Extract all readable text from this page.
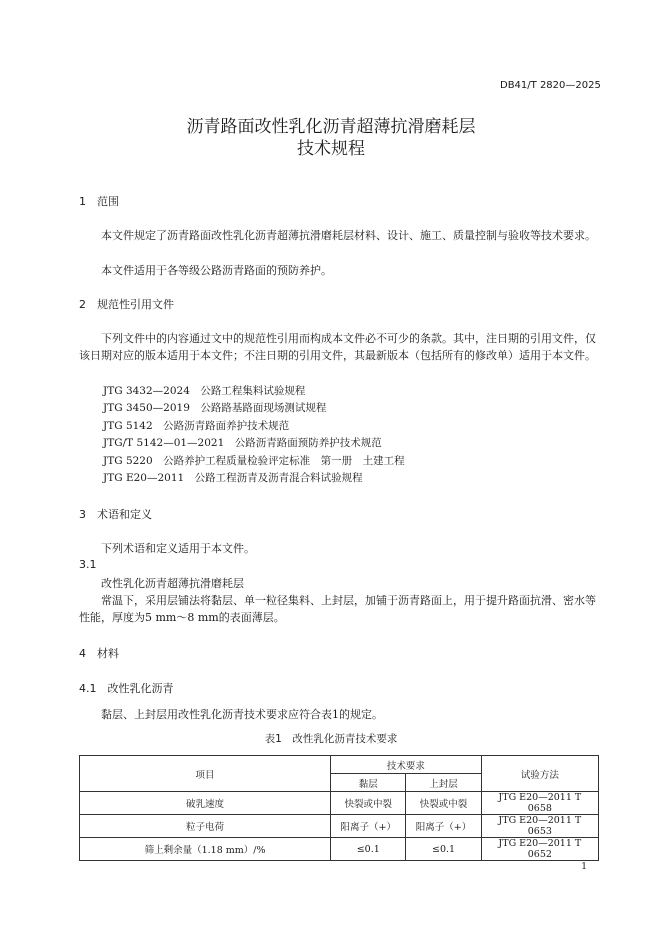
DB41/T 2820—2025
沥青路面改性乳化沥青超薄抗滑磨耗层
技术规程
1　范围
本文件规定了沥青路面改性乳化沥青超薄抗滑磨耗层材料、设计、施工、质量控制与验收等技术要求。
本文件适用于各等级公路沥青路面的预防养护。
2　规范性引用文件
下列文件中的内容通过文中的规范性引用而构成本文件必不可少的条款。其中，注日期的引用文件，仅该日期对应的版本适用于本文件；不注日期的引用文件，其最新版本（包括所有的修改单）适用于本文件。
JTG 3432—2024　公路工程集料试验规程
JTG 3450—2019　公路路基路面现场测试规程
JTG 5142　公路沥青路面养护技术规范
JTG/T 5142—01—2021　公路沥青路面预防养护技术规范
JTG 5220　公路养护工程质量检验评定标准　第一册　土建工程
JTG E20—2011　公路工程沥青及沥青混合料试验规程
3　术语和定义
下列术语和定义适用于本文件。
3.1
改性乳化沥青超薄抗滑磨耗层
常温下，采用层铺法将黏层、单一粒径集料、上封层，加铺于沥青路面上，用于提升路面抗滑、密水等性能，厚度为5 mm～8 mm的表面薄层。
4　材料
4.1　改性乳化沥青
黏层、上封层用改性乳化沥青技术要求应符合表1的规定。
表1　改性乳化沥青技术要求
项目	技术要求		试验方法
	黏层	上封层	
破乳速度	快裂或中裂	快裂或中裂	JTG E20—2011 T 0658
粒子电荷	阳离子（+）	阳离子（+）	JTG E20—2011 T 0653
筛上剩余量（1.18 mm）/%	≤0.1	≤0.1	JTG E20—2011 T 0652
1
